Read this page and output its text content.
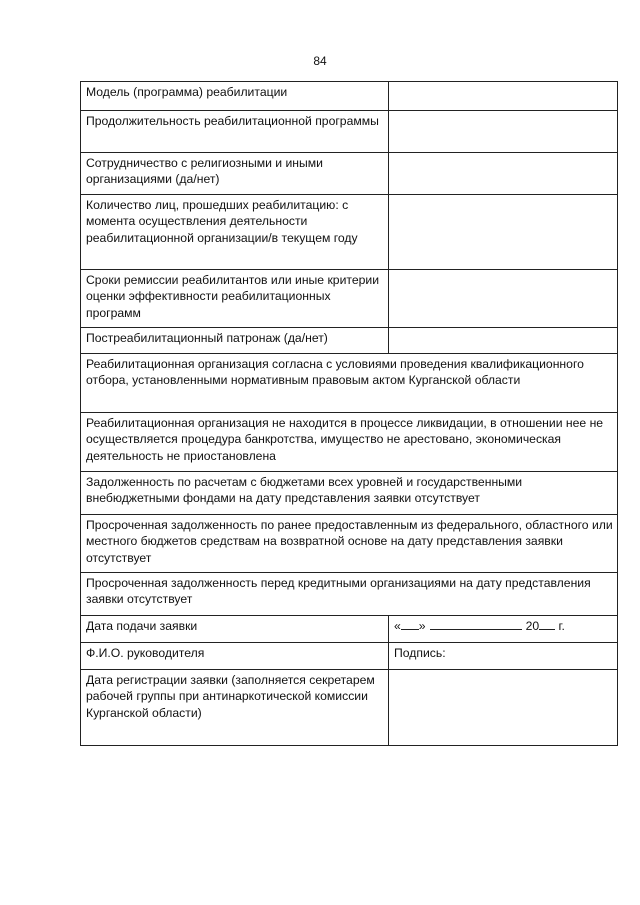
84
Модель (программа) реабилитации	
Продолжительность реабилитационной программы	
Сотрудничество с религиозными и иными организациями (да/нет)	
Количество лиц, прошедших реабилитацию: с момента осуществления деятельности реабилитационной организации/в текущем году	
Сроки ремиссии реабилитантов или иные критерии оценки эффективности реабилитационных программ	
Постреабилитационный патронаж (да/нет)	
Реабилитационная организация согласна с условиями проведения квалификационного отбора, установленными нормативным правовым актом Курганской области	
Реабилитационная организация не находится в процессе ликвидации, в отношении нее не осуществляется процедура банкротства, имущество не арестовано, экономическая деятельность не приостановлена	
Задолженность по расчетам с бюджетами всех уровней и государственными внебюджетными фондами на дату представления заявки отсутствует	
Просроченная задолженность по ранее предоставленным из федерального, областного или местного бюджетов средствам на возвратной основе на дату представления заявки отсутствует	
Просроченная задолженность перед кредитными организациями на дату представления заявки отсутствует	
Дата подачи заявки	« » 20 г.
Ф.И.О. руководителя	Подпись:
Дата регистрации заявки (заполняется секретарем рабочей группы при антинаркотической комиссии Курганской области)	
